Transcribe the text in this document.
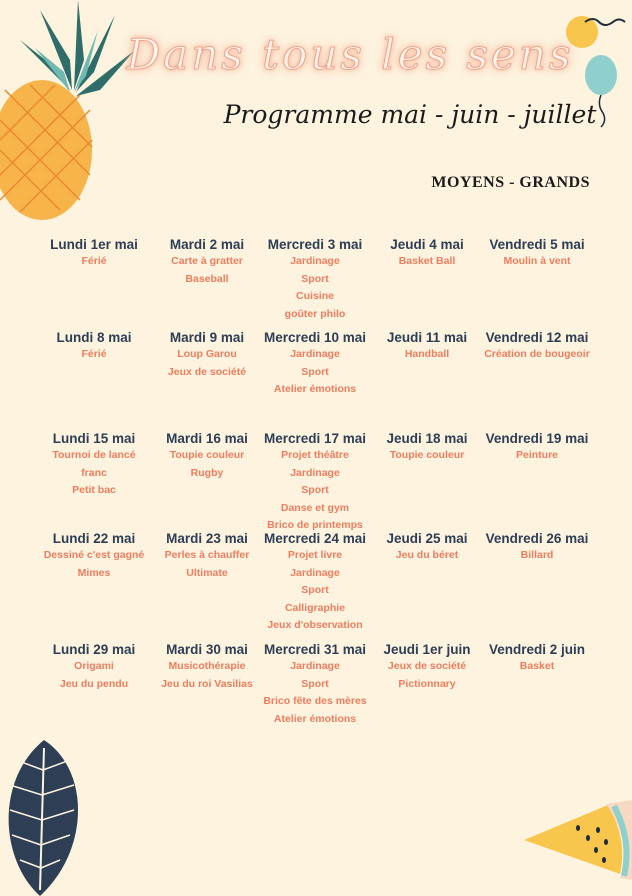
Dans tous les sens
Programme mai - juin - juillet
MOYENS - GRANDS
Lundi 1er mai
Férié
Mardi 2 mai
Carte à gratter
Baseball
Mercredi 3 mai
Jardinage
Sport
Cuisine
goûter philo
Jeudi 4 mai
Basket Ball
Vendredi 5 mai
Moulin à vent
Lundi 8 mai
Férié
Mardi 9 mai
Loup Garou
Jeux de société
Mercredi 10 mai
Jardinage
Sport
Atelier émotions
Jeudi 11 mai
Handball
Vendredi 12 mai
Création de bougeoir
Lundi 15 mai
Tournoi de lancé
franc
Petit bac
Mardi 16 mai
Toupie couleur
Rugby
Mercredi 17 mai
Projet théâtre
Jardinage
Sport
Danse et gym
Brico de printemps
Jeudi 18 mai
Toupie couleur
Vendredi 19 mai
Peinture
Lundi 22 mai
Dessiné c'est gagné
Mimes
Mardi 23 mai
Perles à chauffer
Ultimate
Mercredi 24 mai
Projet livre
Jardinage
Sport
Calligraphie
Jeux d'observation
Jeudi 25 mai
Jeu du béret
Vendredi 26 mai
Billard
Lundi 29 mai
Origami
Jeu du pendu
Mardi 30 mai
Musicothérapie
Jeu du roi Vasilias
Mercredi 31 mai
Jardinage
Sport
Brico fête des mères
Atelier émotions
Jeudi 1er juin
Jeux de société
Pictionnary
Vendredi 2 juin
Basket
